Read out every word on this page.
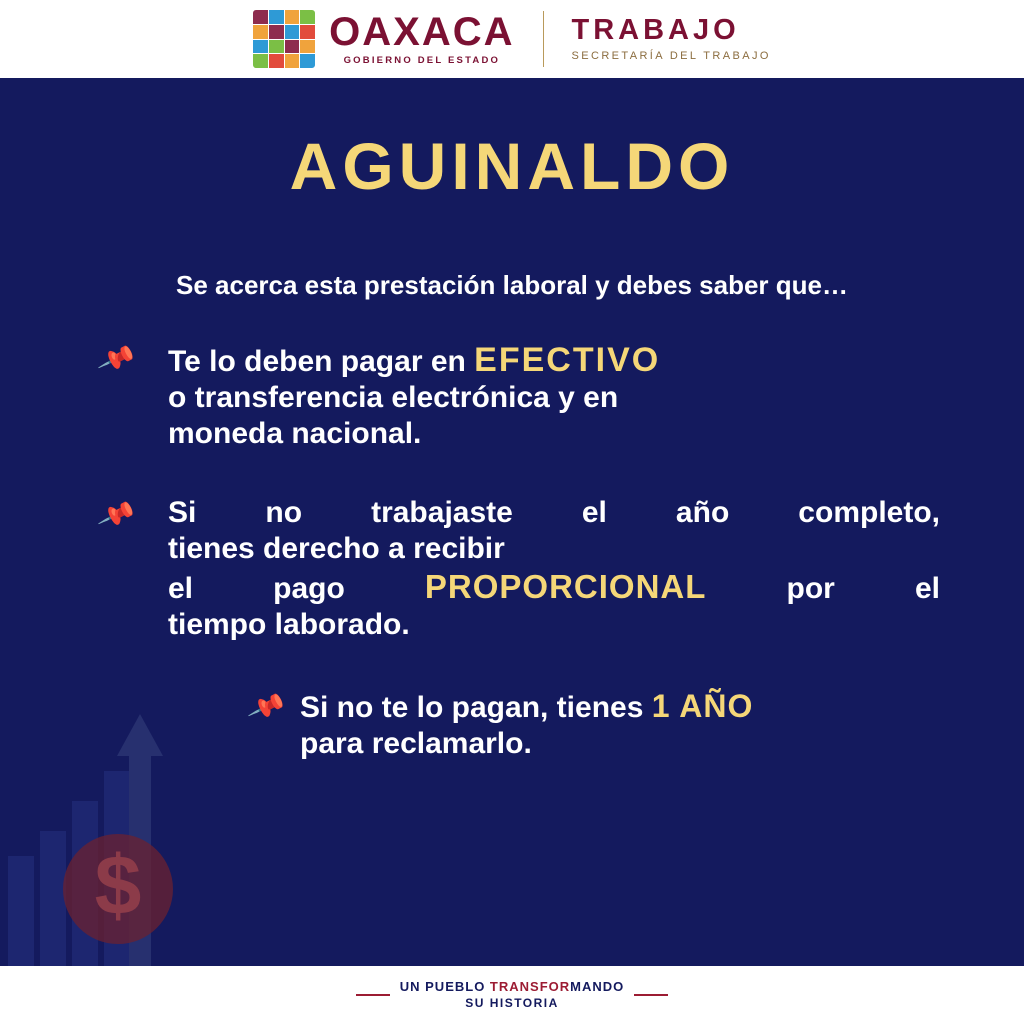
OAXACA
GOBIERNO DEL ESTADO
TRABAJO
SECRETARÍA DEL TRABAJO
$
AGUINALDO
Se acerca esta prestación laboral y debes saber que…
📌 Te lo deben pagar en EFECTIVO
o transferencia electrónica y en
moneda nacional.
📌 Si no trabajaste el año completo,
tienes derecho a recibir
el pago PROPORCIONAL por el
tiempo laborado.
📌 Si no te lo pagan, tienes 1 AÑO
para reclamarlo.
UN PUEBLO TRANSFORMANDO
SU HISTORIA
